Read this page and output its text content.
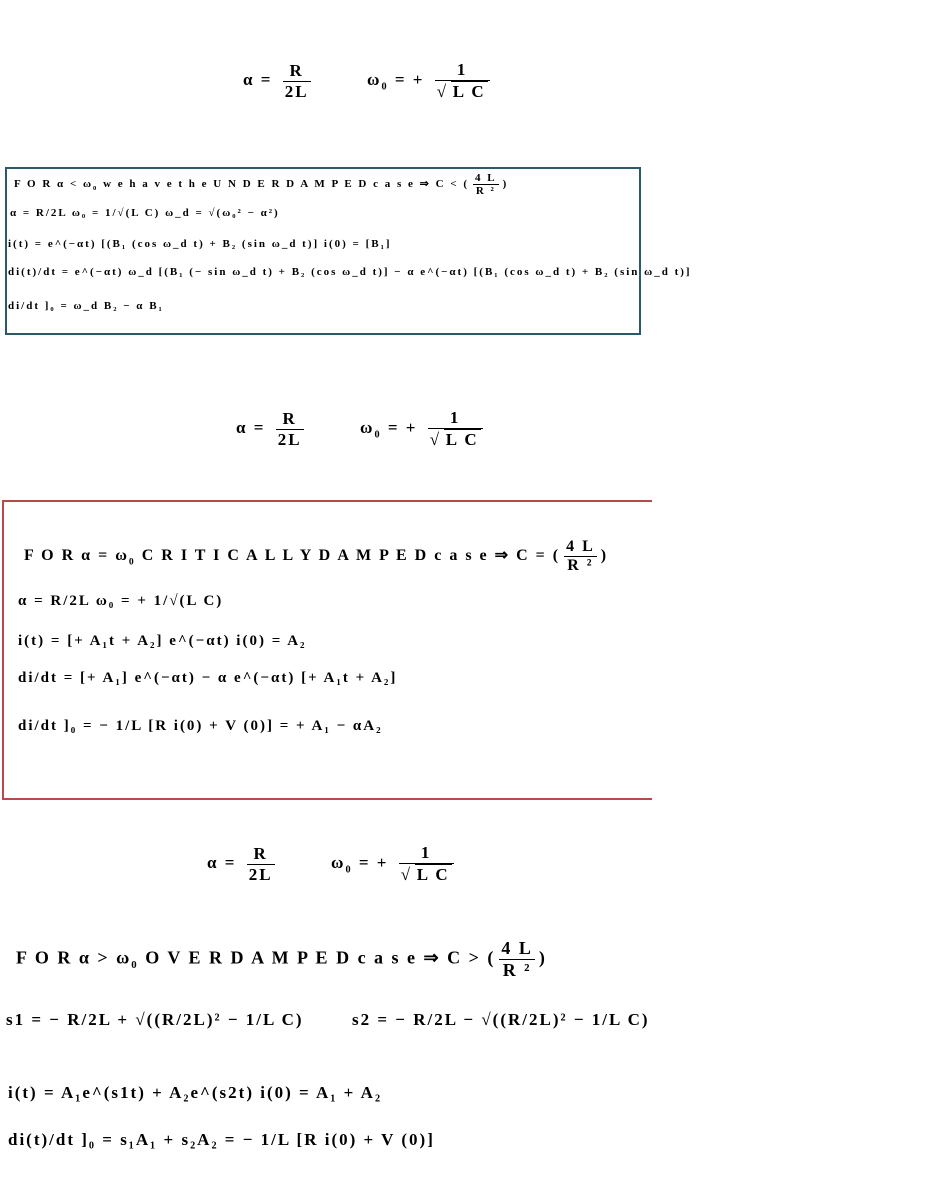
$\alpha = \frac{R}{2L}$	$\omega_0$ = + $\frac{1}{\text{√ L C}}$
F O R $\alpha < \omega_0$ w e h a v e t h e U N D E R D A M P E D c a s e ⇒ C < ( $\frac{4 L}{\text{R ²}}$ )
α = R/2L ω₀ = 1/√(L C) ω_d = √(ω₀² − α²)
i(t) = e^(−αt) [(B₁ (cos ω_d t) + B₂ (sin ω_d t)] i(0) = [B₁]
di(t)/dt = e^(−αt) ω_d [(B₁ (− sin ω_d t) + B₂ (cos ω_d t)] − α e^(−αt) [(B₁ (cos ω_d t) + B₂ (sin ω_d t)]
di/dt ]₀ = ω_d B₂ − α B₁
$\alpha = \frac{R}{2L}$	$\omega_0$ = + $\frac{1}{\text{√ L C}}$
F O R $\alpha = \omega_0$ C R I T I C A L L Y D A M P E D c a s e ⇒ C = ( $\frac{4 L}{\text{R ²}}$ )
α = R/2L ω₀ = + 1/√(L C)
i(t) = [+ A₁t + A₂] e^(−αt) i(0) = A₂
di/dt = [+ A₁] e^(−αt) − α e^(−αt) [+ A₁t + A₂]
di/dt ]₀ = − 1/L [R i(0) + V (0)] = + A₁ − αA₂
$\alpha = \frac{R}{2L}$	$\omega_0$ = + $\frac{1}{\text{√ L C}}$
F O R $\alpha > \omega_0$ O V E R D A M P E D c a s e ⇒ C > ( $\frac{4 L}{\text{R ²}}$ )
s1 = − R/2L + √((R/2L)² − 1/L C)	s2 = − R/2L − √((R/2L)² − 1/L C)
i(t) = A₁e^(s1t) + A₂e^(s2t) i(0) = A₁ + A₂
di(t)/dt ]₀ = s₁A₁ + s₂A₂ = − 1/L [R i(0) + V (0)]
